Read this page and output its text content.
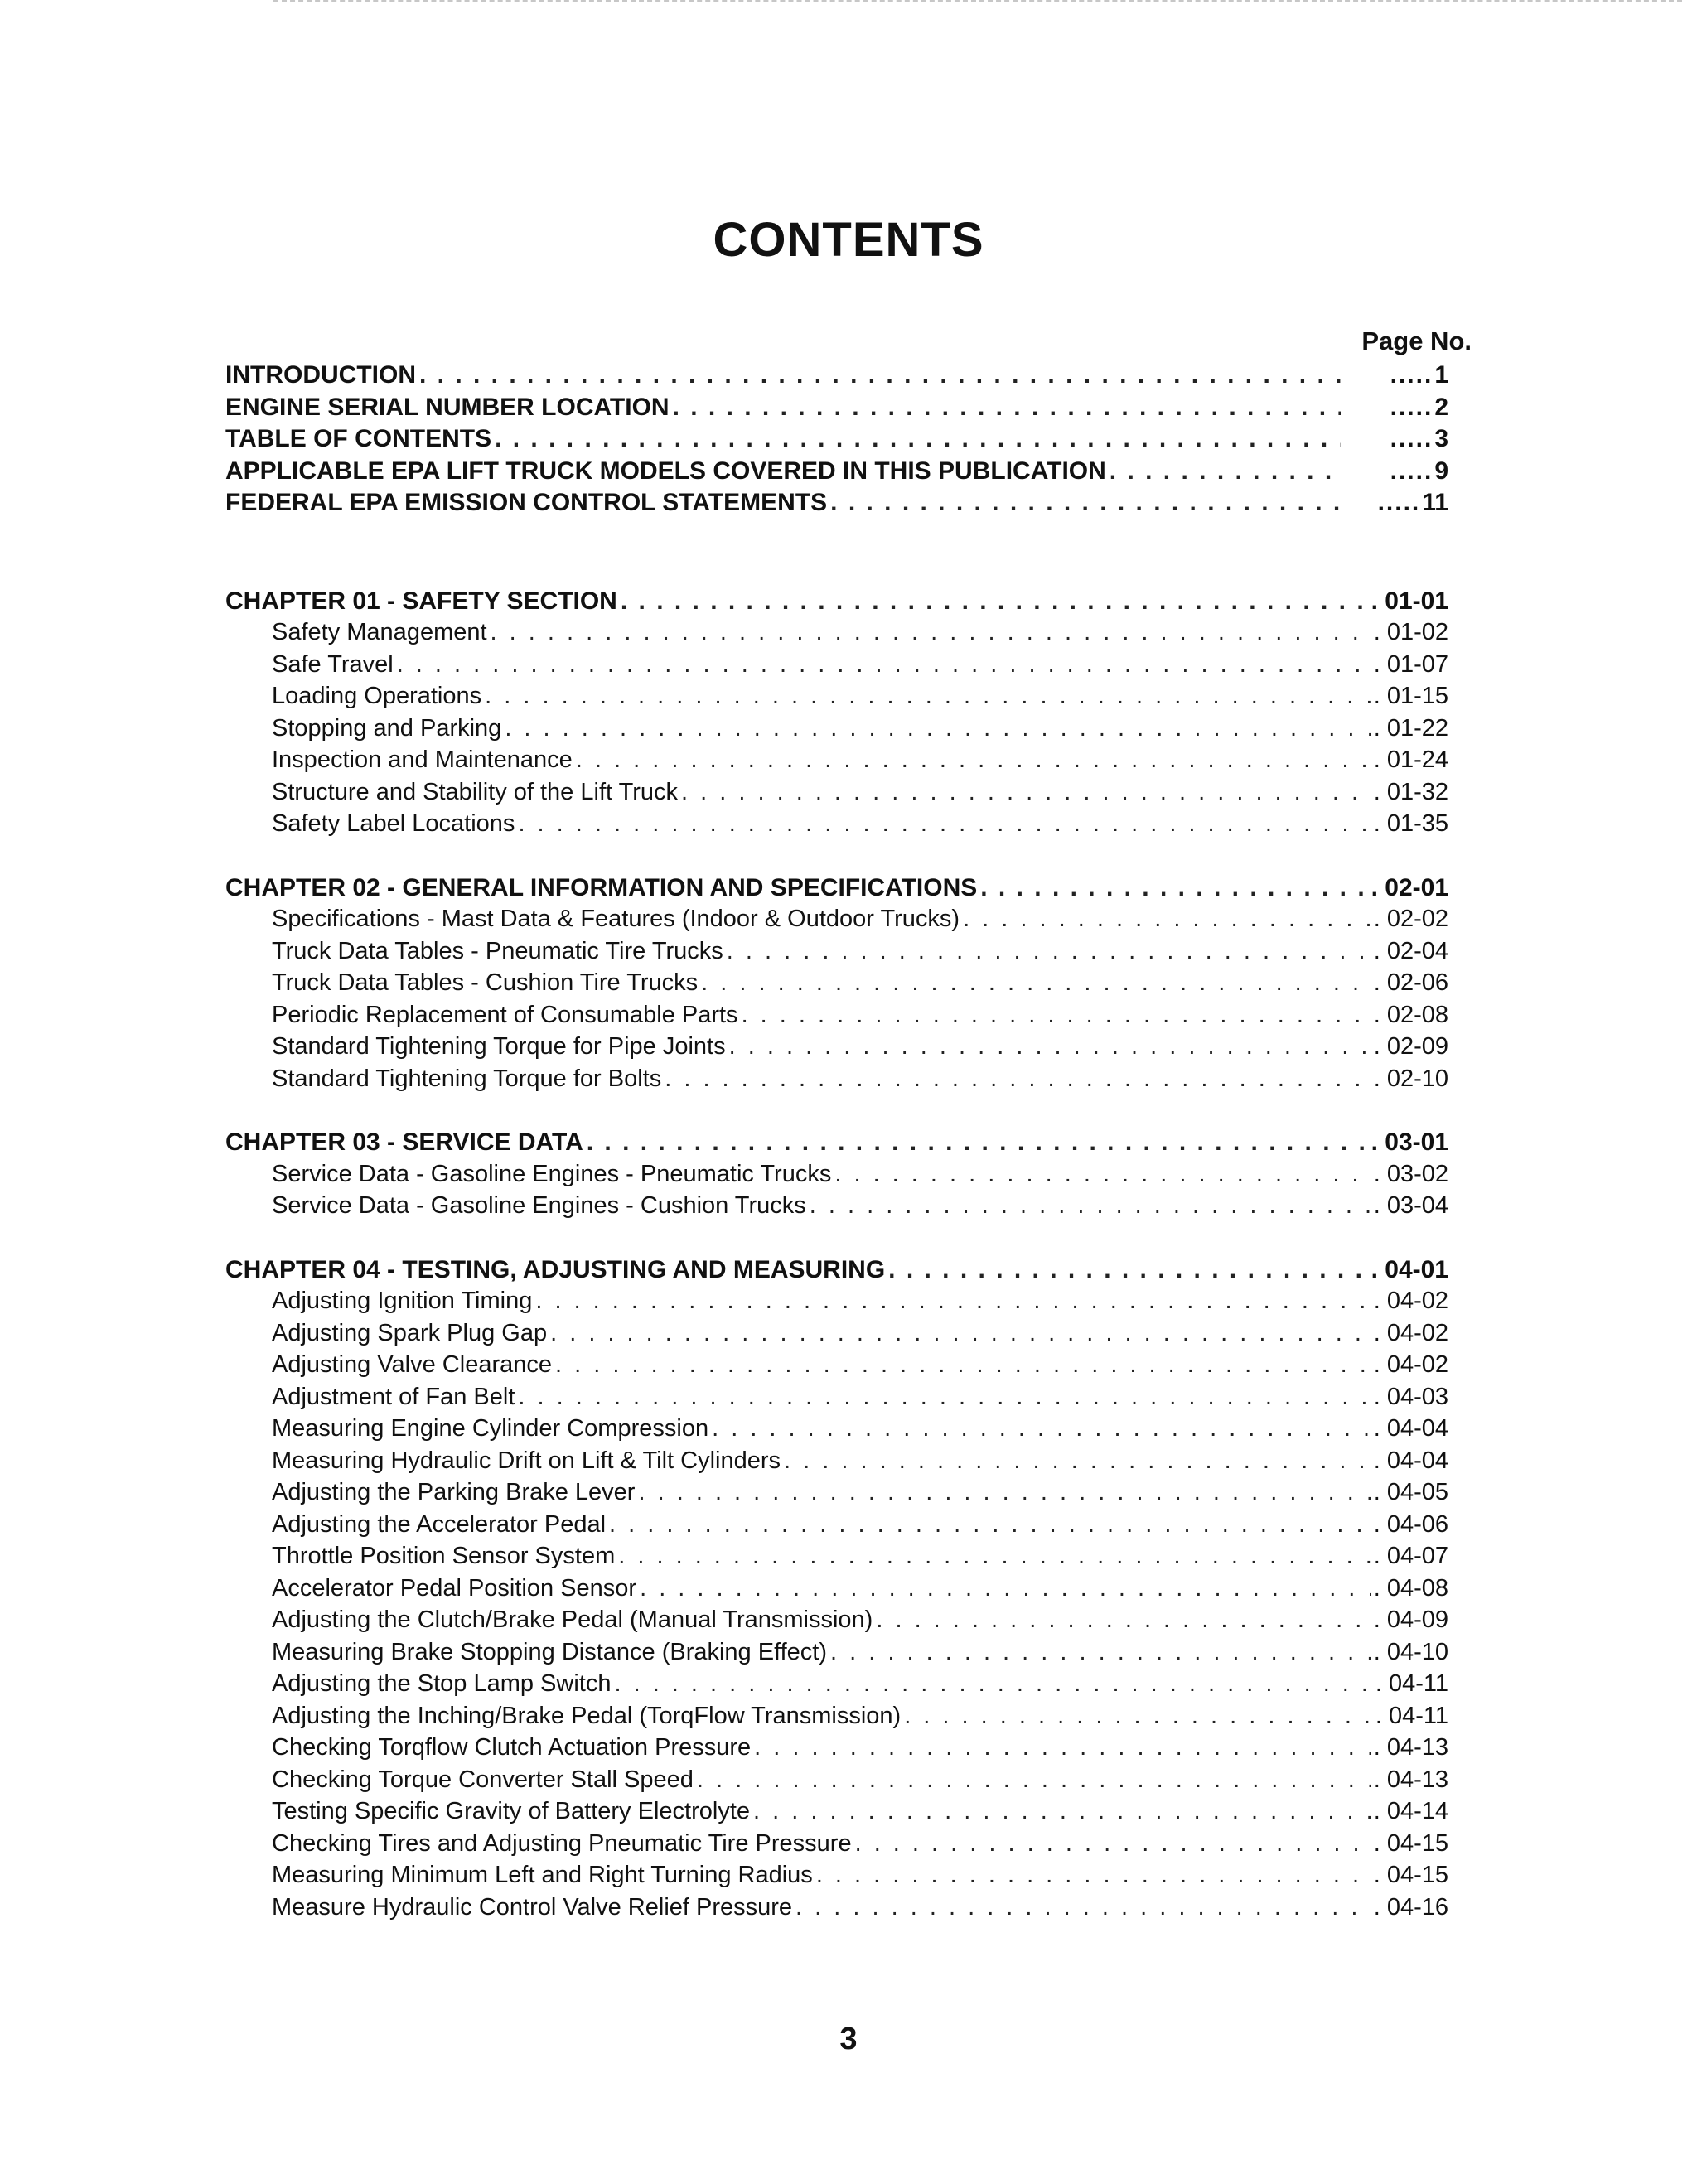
CONTENTS
Page No.
INTRODUCTION . . .	..... 1
ENGINE SERIAL NUMBER LOCATION . . .	..... 2
TABLE OF CONTENTS . . .	..... 3
APPLICABLE EPA LIFT TRUCK MODELS COVERED IN THIS PUBLICATION . . .	..... 9
FEDERAL EPA EMISSION CONTROL STATEMENTS . . .	..... 11
CHAPTER 01 - SAFETY SECTION . . .	. 01-01
Safety Management . . .	. 01-02
Safe Travel . . .	. 01-07
Loading Operations . . .	. 01-15
Stopping and Parking . . .	. 01-22
Inspection and Maintenance . . .	. 01-24
Structure and Stability of the Lift Truck . . .	. 01-32
Safety Label Locations . . .	. 01-35
CHAPTER 02 - GENERAL INFORMATION AND SPECIFICATIONS . . .	. 02-01
Specifications - Mast Data & Features (Indoor & Outdoor Trucks) . . .	. 02-02
Truck Data Tables - Pneumatic Tire Trucks . . .	. 02-04
Truck Data Tables - Cushion Tire Trucks . . .	. 02-06
Periodic Replacement of Consumable Parts . . .	. 02-08
Standard Tightening Torque for Pipe Joints . . .	. 02-09
Standard Tightening Torque for Bolts . . .	. 02-10
CHAPTER 03 - SERVICE DATA . . .	. 03-01
Service Data - Gasoline Engines - Pneumatic Trucks . . .	. 03-02
Service Data - Gasoline Engines - Cushion Trucks . . .	. 03-04
CHAPTER 04 - TESTING, ADJUSTING AND MEASURING . . .	. 04-01
Adjusting Ignition Timing . . .	. 04-02
Adjusting Spark Plug Gap . . .	. 04-02
Adjusting Valve Clearance . . .	. 04-02
Adjustment of Fan Belt . . .	. 04-03
Measuring Engine Cylinder Compression . . .	. 04-04
Measuring Hydraulic Drift on Lift & Tilt Cylinders . . .	. 04-04
Adjusting the Parking Brake Lever . . .	. 04-05
Adjusting the Accelerator Pedal . . .	. 04-06
Throttle Position Sensor System . . .	. 04-07
Accelerator Pedal Position Sensor . . .	. 04-08
Adjusting the Clutch/Brake Pedal (Manual Transmission) . . .	. 04-09
Measuring Brake Stopping Distance (Braking Effect) . . .	. 04-10
Adjusting the Stop Lamp Switch . . .	. 04-11
Adjusting the Inching/Brake Pedal (TorqFlow Transmission) . . .	. 04-11
Checking Torqflow Clutch Actuation Pressure . . .	. 04-13
Checking Torque Converter Stall Speed . . .	. 04-13
Testing Specific Gravity of Battery Electrolyte . . .	. 04-14
Checking Tires and Adjusting Pneumatic Tire Pressure . . .	. 04-15
Measuring Minimum Left and Right Turning Radius . . .	. 04-15
Measure Hydraulic Control Valve Relief Pressure . . .	. 04-16
3
